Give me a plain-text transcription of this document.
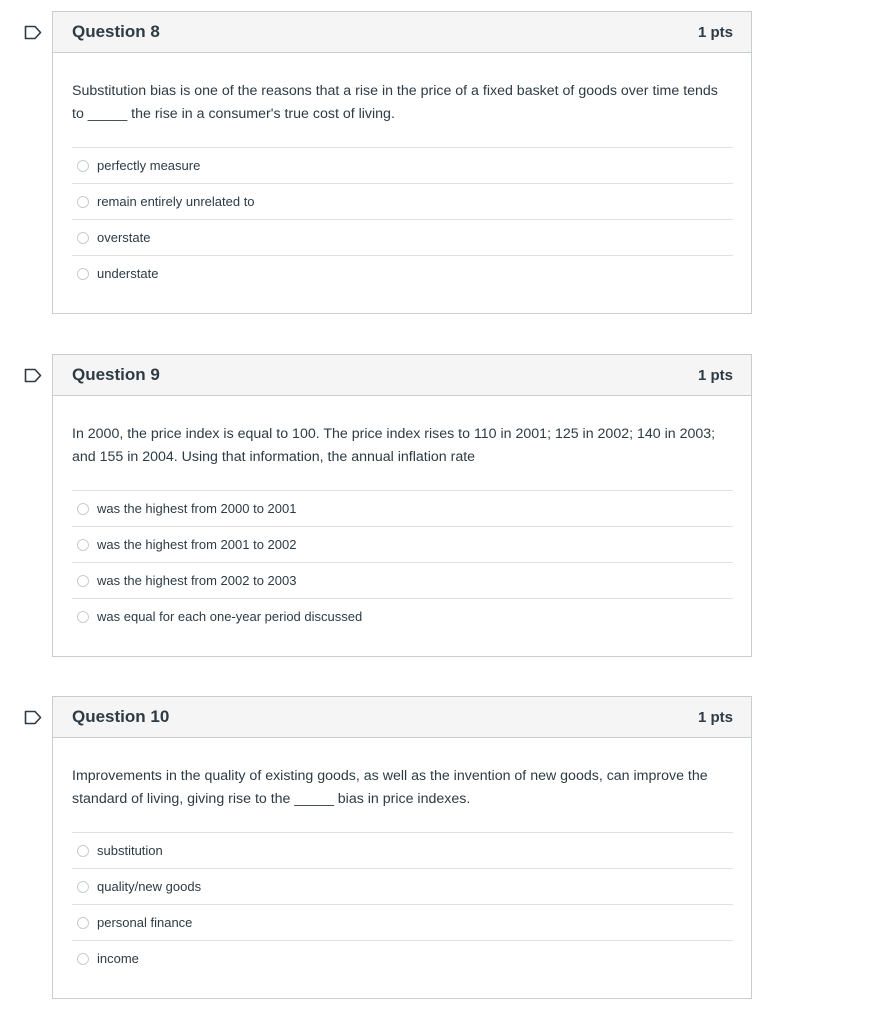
Question 8	1 pts

Substitution bias is one of the reasons that a rise in the price of a fixed basket of goods over time tends to _____ the rise in a consumer's true cost of living.

perfectly measure
remain entirely unrelated to
overstate
understate
Question 9	1 pts

In 2000, the price index is equal to 100. The price index rises to 110 in 2001; 125 in 2002; 140 in 2003; and 155 in 2004. Using that information, the annual inflation rate

was the highest from 2000 to 2001
was the highest from 2001 to 2002
was the highest from 2002 to 2003
was equal for each one-year period discussed
Question 10	1 pts

Improvements in the quality of existing goods, as well as the invention of new goods, can improve the standard of living, giving rise to the _____ bias in price indexes.

substitution
quality/new goods
personal finance
income
